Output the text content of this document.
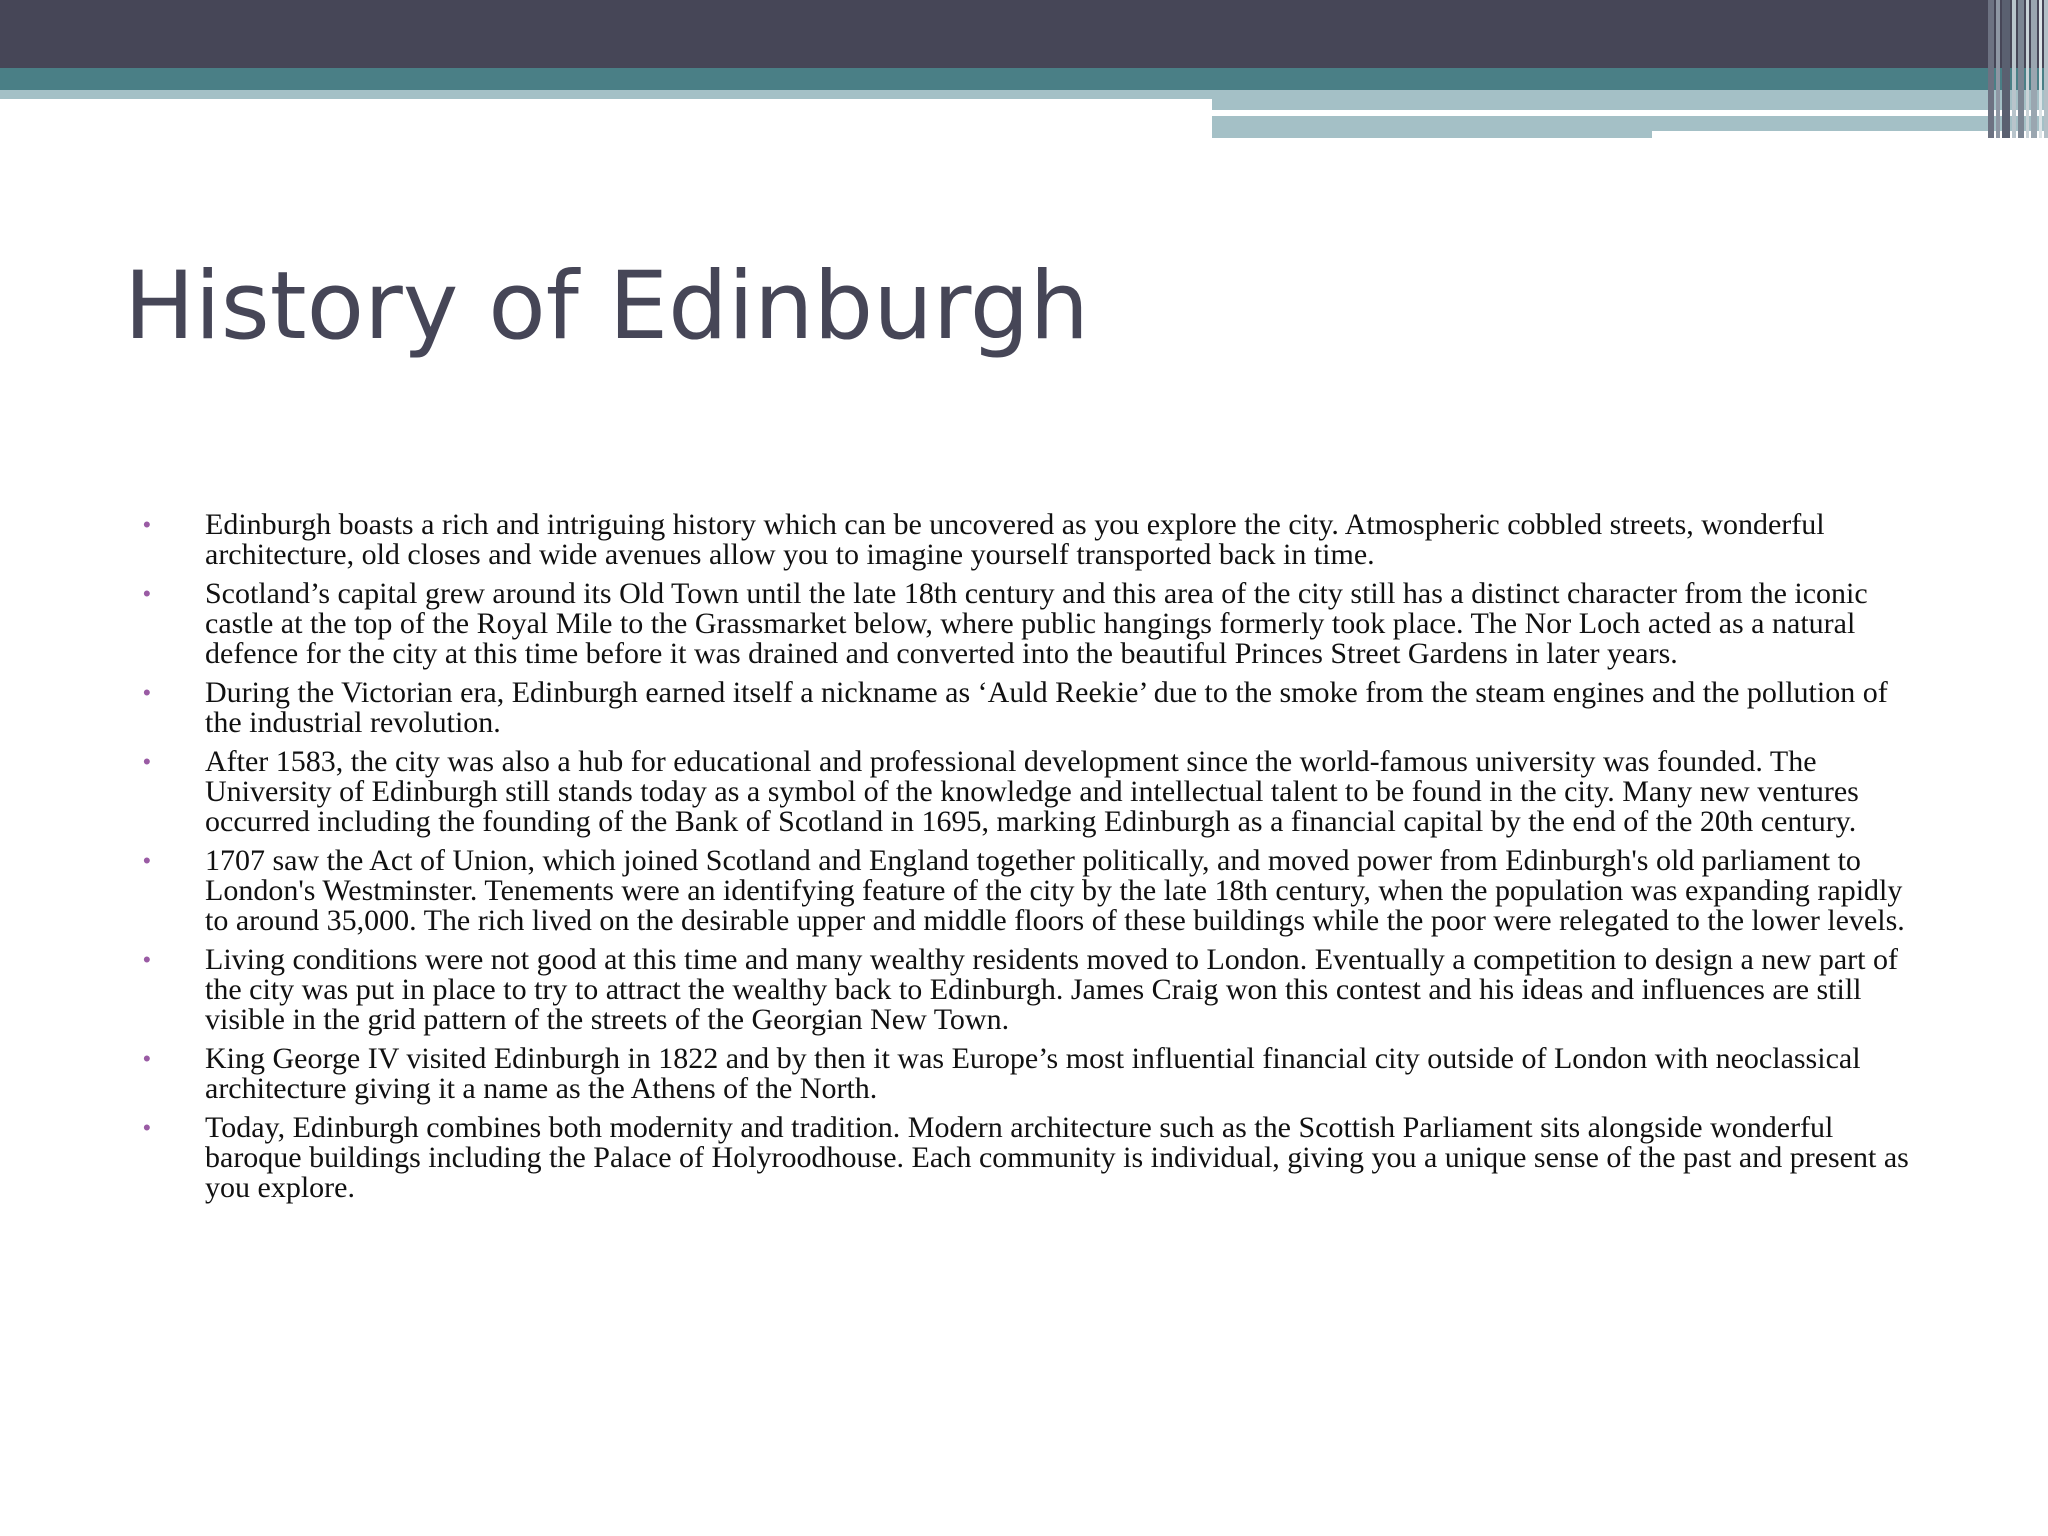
History of Edinburgh
• Edinburgh boasts a rich and intriguing history which can be uncovered as you explore the city. Atmospheric cobbled streets, wonderful architecture, old closes and wide avenues allow you to imagine yourself transported back in time.
• Scotland’s capital grew around its Old Town until the late 18th century and this area of the city still has a distinct character from the iconic castle at the top of the Royal Mile to the Grassmarket below, where public hangings formerly took place. The Nor Loch acted as a natural defence for the city at this time before it was drained and converted into the beautiful Princes Street Gardens in later years.
• During the Victorian era, Edinburgh earned itself a nickname as ‘Auld Reekie’ due to the smoke from the steam engines and the pollution of the industrial revolution.
• After 1583, the city was also a hub for educational and professional development since the world-famous university was founded. The University of Edinburgh still stands today as a symbol of the knowledge and intellectual talent to be found in the city. Many new ventures occurred including the founding of the Bank of Scotland in 1695, marking Edinburgh as a financial capital by the end of the 20th century.
• 1707 saw the Act of Union, which joined Scotland and England together politically, and moved power from Edinburgh's old parliament to London's Westminster. Tenements were an identifying feature of the city by the late 18th century, when the population was expanding rapidly to around 35,000. The rich lived on the desirable upper and middle floors of these buildings while the poor were relegated to the lower levels.
• Living conditions were not good at this time and many wealthy residents moved to London. Eventually a competition to design a new part of the city was put in place to try to attract the wealthy back to Edinburgh. James Craig won this contest and his ideas and influences are still visible in the grid pattern of the streets of the Georgian New Town.
• King George IV visited Edinburgh in 1822 and by then it was Europe’s most influential financial city outside of London with neoclassical architecture giving it a name as the Athens of the North.
• Today, Edinburgh combines both modernity and tradition. Modern architecture such as the Scottish Parliament sits alongside wonderful baroque buildings including the Palace of Holyroodhouse. Each community is individual, giving you a unique sense of the past and present as you explore.
